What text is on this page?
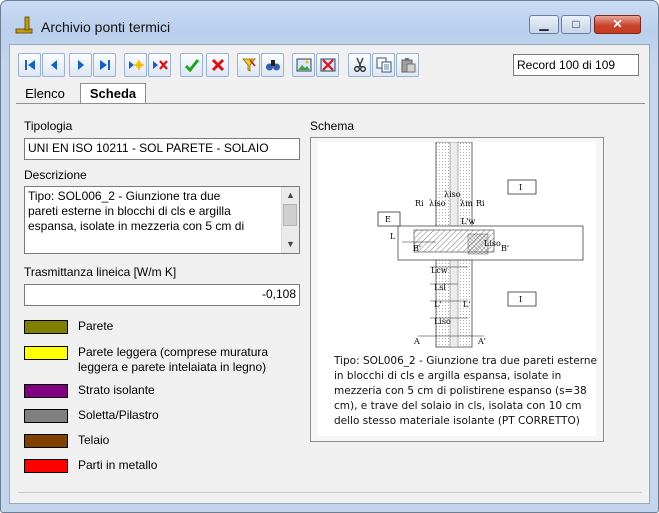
Archivio ponti termici	▁	□	✕
Record 100 di 109
Elenco	Scheda
Tipologia
UNI EN ISO 10211 - SOL PARETE - SOLAIO
Descrizione
Tipo: SOL006_2 - Giunzione tra due
pareti esterne in blocchi di cls e argilla
espansa, isolate in mezzeria con 5 cm di
▲
▼
Trasmittanza lineica [W/m K]
-0,108
Parete
Parete leggera (comprese muratura
leggera e parete intelaiata in legno)
Strato isolante
Soletta/Pilastro
Telaio
Parti in metallo
Schema
E
I
I
λiso
Ri λiso λm Ri
L'w
L
B'	B'
Liso
Lcw
Lsl
L'	L'
Liso
A	A'
Tipo: SOL006_2 - Giunzione tra due pareti esterne in blocchi di cls e argilla espansa, isolate in mezzeria con 5 cm di polistirene espanso (s=38 cm), e trave del solaio in cls, isolata con 10 cm dello stesso materiale isolante (PT CORRETTO)
